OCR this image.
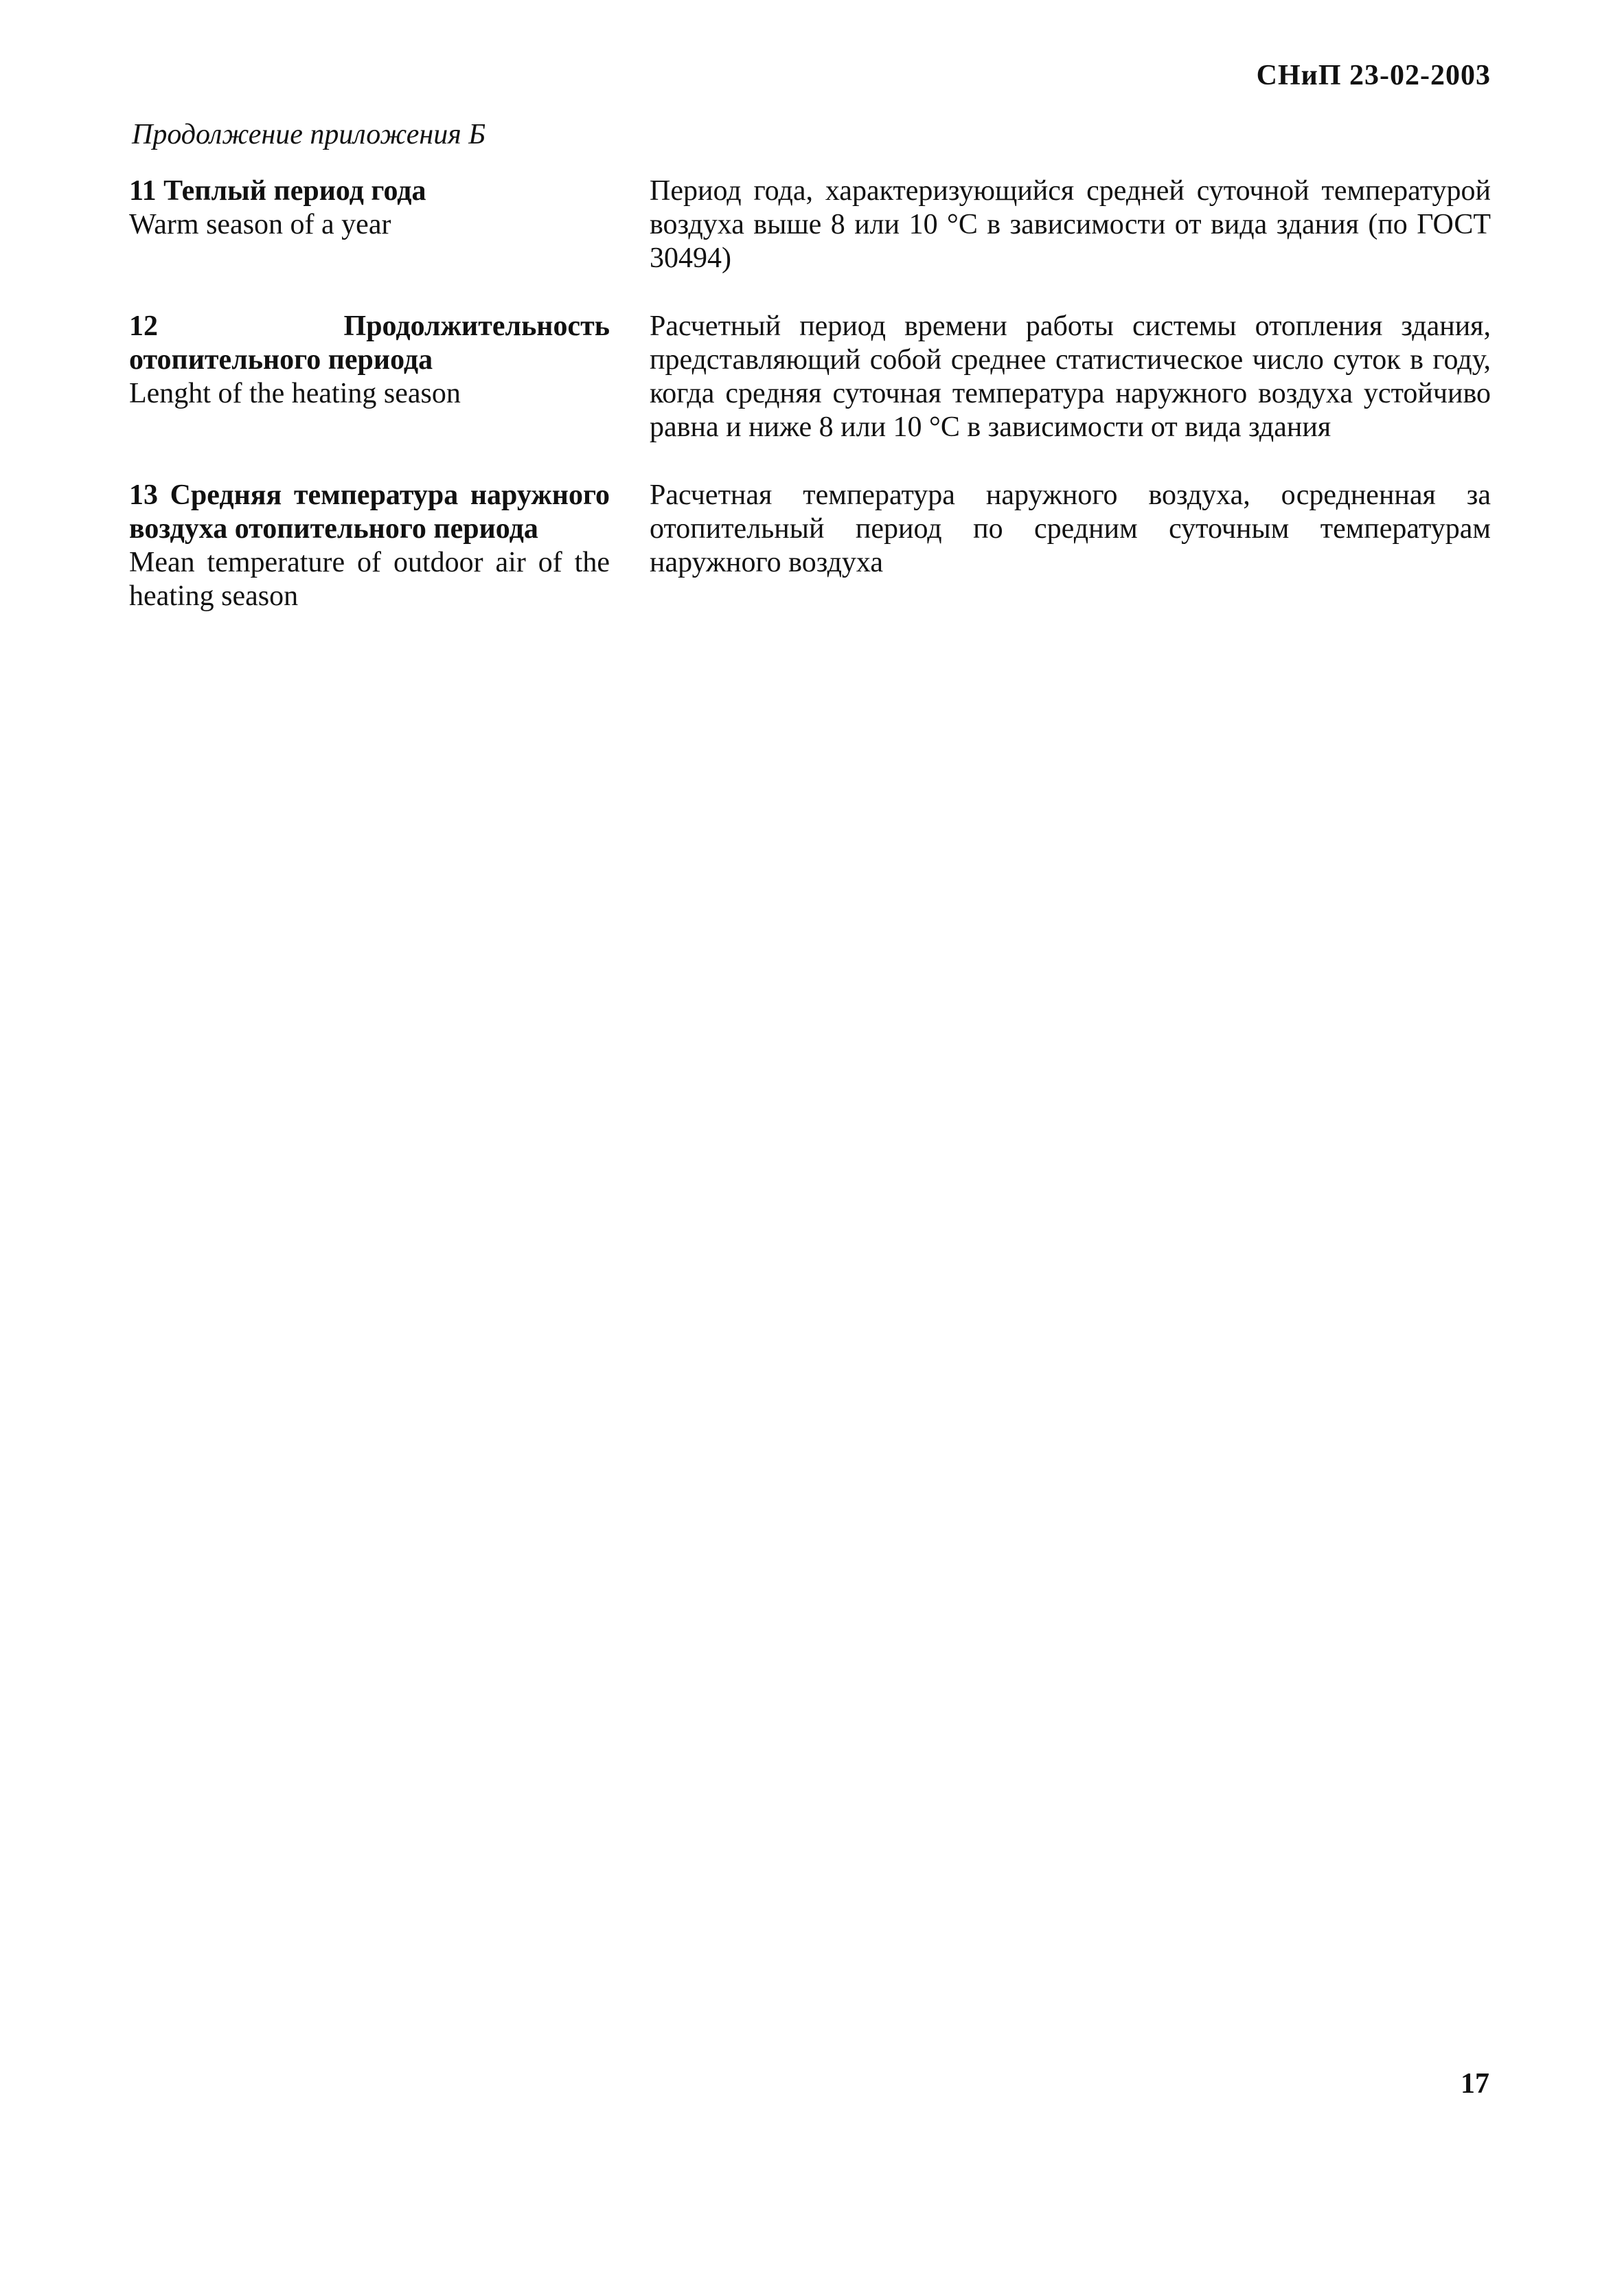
СНиП 23-02-2003
Продолжение приложения Б
11 Теплый период года
Warm season of a year
Период года, характеризующийся средней суточной температурой воздуха выше 8 или 10 °С в зависимости от вида здания (по ГОСТ 30494)
12 Продолжительность отопительного периода
Lenght of the heating season
Расчетный период времени работы системы отопления здания, представляющий собой среднее статистическое число суток в году, когда средняя суточная температура наружного воздуха устойчиво равна и ниже 8 или 10 °С в зависимости от вида здания
13 Средняя температура наружного воздуха отопительного периода
Mean temperature of outdoor air of the heating season
Расчетная температура наружного воздуха, осредненная за отопительный период по средним суточным температурам наружного воздуха
17
